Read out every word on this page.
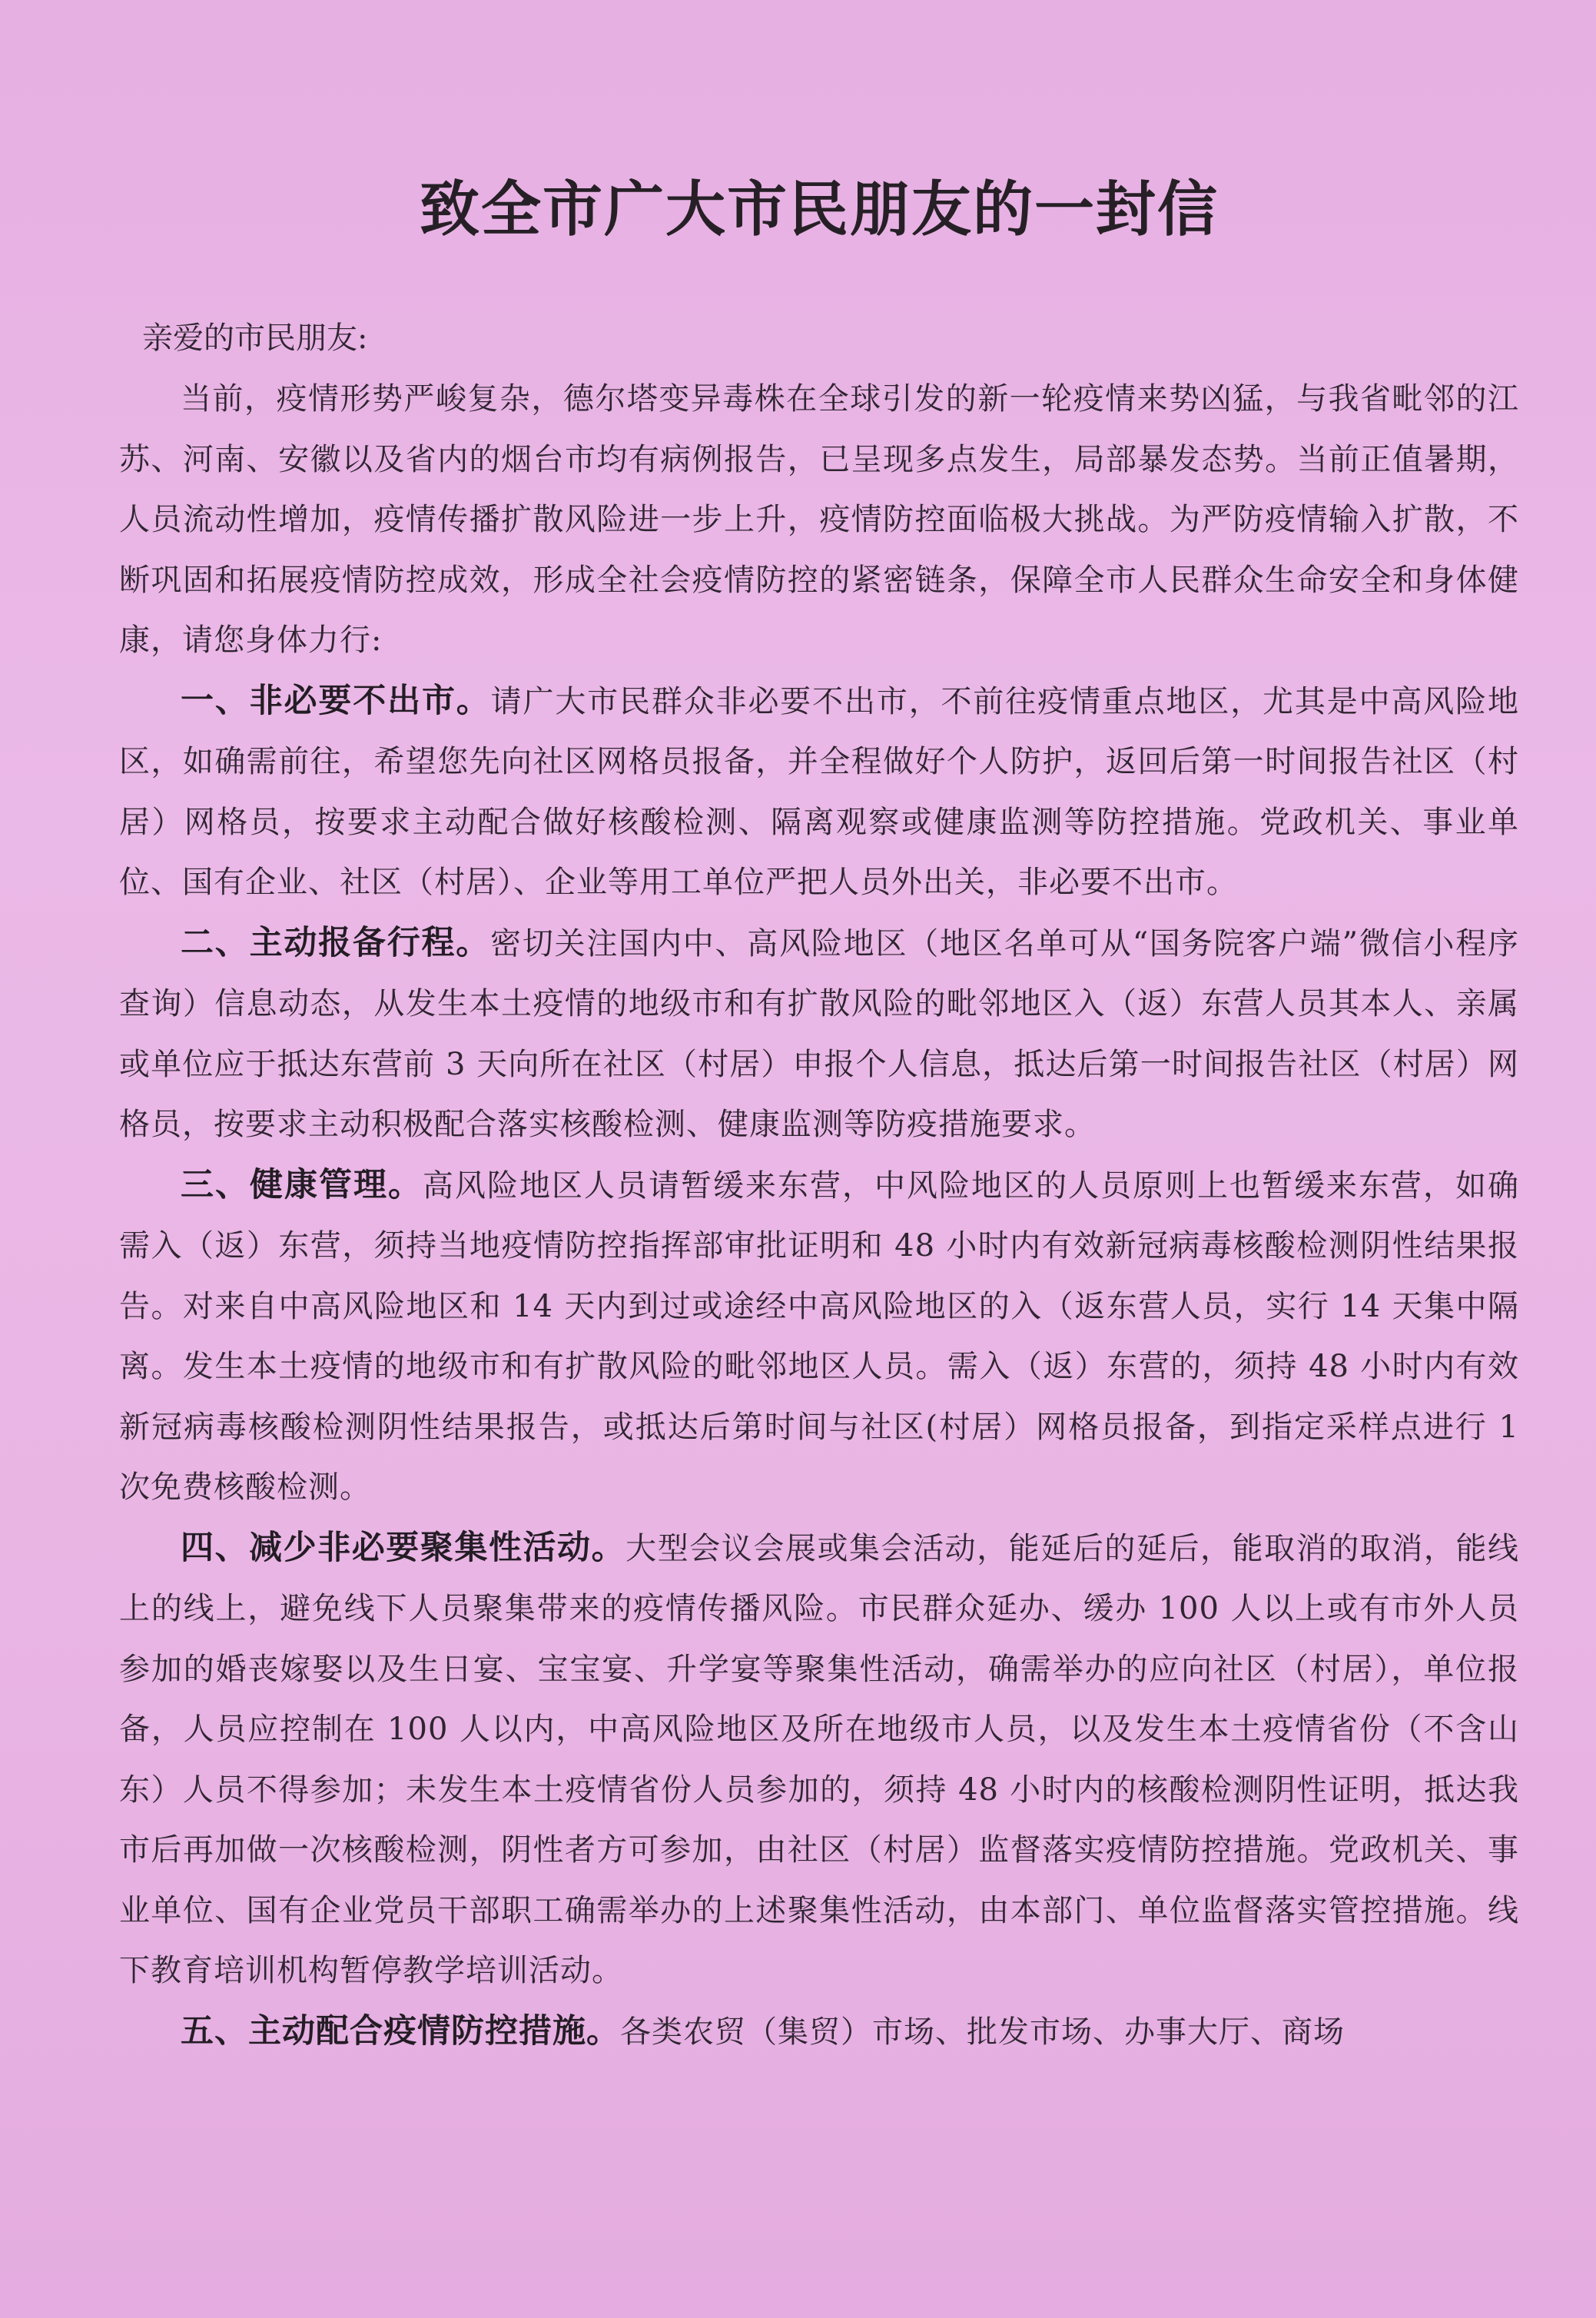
致全市广大市民朋友的一封信
亲爱的市民朋友:

当前，疫情形势严峻复杂，德尔塔变异毒株在全球引发的新一轮疫情来势凶猛，与我省毗邻的江苏、河南、安徽以及省内的烟台市均有病例报告，已呈现多点发生，局部暴发态势。当前正值暑期，人员流动性增加，疫情传播扩散风险进一步上升，疫情防控面临极大挑战。为严防疫情输入扩散，不断巩固和拓展疫情防控成效，形成全社会疫情防控的紧密链条，保障全市人民群众生命安全和身体健康，请您身体力行:

一、非必要不出市。请广大市民群众非必要不出市，不前往疫情重点地区，尤其是中高风险地区，如确需前往，希望您先向社区网格员报备，并全程做好个人防护，返回后第一时间报告社区（村居）网格员，按要求主动配合做好核酸检测、隔离观察或健康监测等防控措施。党政机关、事业单位、国有企业、社区（村居）、企业等用工单位严把人员外出关，非必要不出市。

二、主动报备行程。密切关注国内中、高风险地区（地区名单可从“国务院客户端”微信小程序查询）信息动态，从发生本土疫情的地级市和有扩散风险的毗邻地区入（返）东营人员其本人、亲属或单位应于抵达东营前 3 天向所在社区（村居）申报个人信息，抵达后第一时间报告社区（村居）网格员，按要求主动积极配合落实核酸检测、健康监测等防疫措施要求。

三、健康管理。高风险地区人员请暂缓来东营，中风险地区的人员原则上也暂缓来东营，如确需入（返）东营，须持当地疫情防控指挥部审批证明和 48 小时内有效新冠病毒核酸检测阴性结果报告。对来自中高风险地区和 14 天内到过或途经中高风险地区的入（返东营人员，实行 14 天集中隔离。发生本土疫情的地级市和有扩散风险的毗邻地区人员。需入（返）东营的，须持 48 小时内有效新冠病毒核酸检测阴性结果报告，或抵达后第时间与社区(村居）网格员报备，到指定采样点进行 1 次免费核酸检测。

四、减少非必要聚集性活动。大型会议会展或集会活动，能延后的延后，能取消的取消，能线上的线上，避免线下人员聚集带来的疫情传播风险。市民群众延办、缓办 100 人以上或有市外人员参加的婚丧嫁娶以及生日宴、宝宝宴、升学宴等聚集性活动，确需举办的应向社区（村居），单位报备，人员应控制在 100 人以内，中高风险地区及所在地级市人员，以及发生本土疫情省份（不含山东）人员不得参加；未发生本土疫情省份人员参加的，须持 48 小时内的核酸检测阴性证明，抵达我市后再加做一次核酸检测，阴性者方可参加，由社区（村居）监督落实疫情防控措施。党政机关、事业单位、国有企业党员干部职工确需举办的上述聚集性活动，由本部门、单位监督落实管控措施。线下教育培训机构暂停教学培训活动。

五、主动配合疫情防控措施。各类农贸（集贸）市场、批发市场、办事大厅、商场
